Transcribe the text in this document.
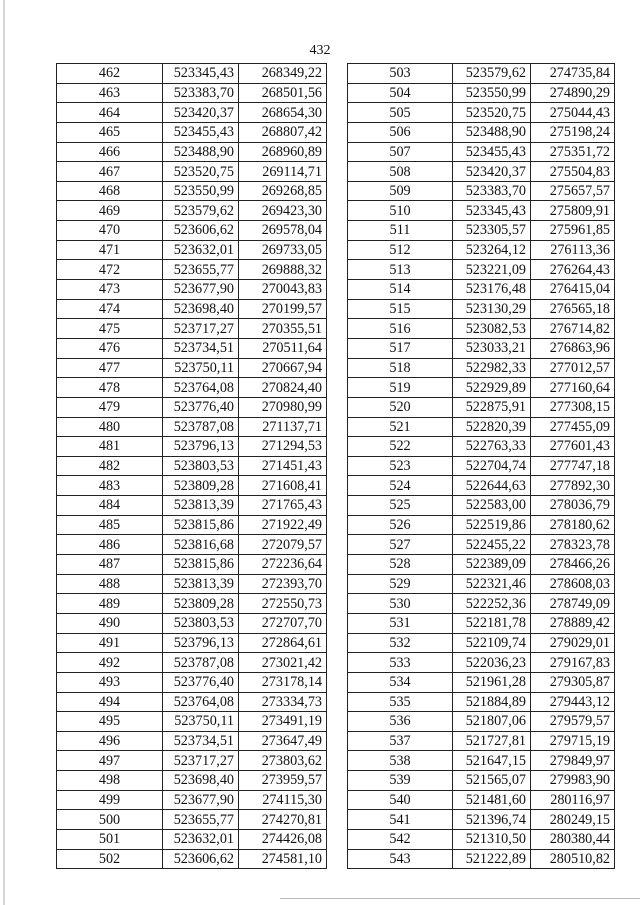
432
462	523345,43	268349,22
463	523383,70	268501,56
464	523420,37	268654,30
465	523455,43	268807,42
466	523488,90	268960,89
467	523520,75	269114,71
468	523550,99	269268,85
469	523579,62	269423,30
470	523606,62	269578,04
471	523632,01	269733,05
472	523655,77	269888,32
473	523677,90	270043,83
474	523698,40	270199,57
475	523717,27	270355,51
476	523734,51	270511,64
477	523750,11	270667,94
478	523764,08	270824,40
479	523776,40	270980,99
480	523787,08	271137,71
481	523796,13	271294,53
482	523803,53	271451,43
483	523809,28	271608,41
484	523813,39	271765,43
485	523815,86	271922,49
486	523816,68	272079,57
487	523815,86	272236,64
488	523813,39	272393,70
489	523809,28	272550,73
490	523803,53	272707,70
491	523796,13	272864,61
492	523787,08	273021,42
493	523776,40	273178,14
494	523764,08	273334,73
495	523750,11	273491,19
496	523734,51	273647,49
497	523717,27	273803,62
498	523698,40	273959,57
499	523677,90	274115,30
500	523655,77	274270,81
501	523632,01	274426,08
502	523606,62	274581,10
503	523579,62	274735,84
504	523550,99	274890,29
505	523520,75	275044,43
506	523488,90	275198,24
507	523455,43	275351,72
508	523420,37	275504,83
509	523383,70	275657,57
510	523345,43	275809,91
511	523305,57	275961,85
512	523264,12	276113,36
513	523221,09	276264,43
514	523176,48	276415,04
515	523130,29	276565,18
516	523082,53	276714,82
517	523033,21	276863,96
518	522982,33	277012,57
519	522929,89	277160,64
520	522875,91	277308,15
521	522820,39	277455,09
522	522763,33	277601,43
523	522704,74	277747,18
524	522644,63	277892,30
525	522583,00	278036,79
526	522519,86	278180,62
527	522455,22	278323,78
528	522389,09	278466,26
529	522321,46	278608,03
530	522252,36	278749,09
531	522181,78	278889,42
532	522109,74	279029,01
533	522036,23	279167,83
534	521961,28	279305,87
535	521884,89	279443,12
536	521807,06	279579,57
537	521727,81	279715,19
538	521647,15	279849,97
539	521565,07	279983,90
540	521481,60	280116,97
541	521396,74	280249,15
542	521310,50	280380,44
543	521222,89	280510,82
